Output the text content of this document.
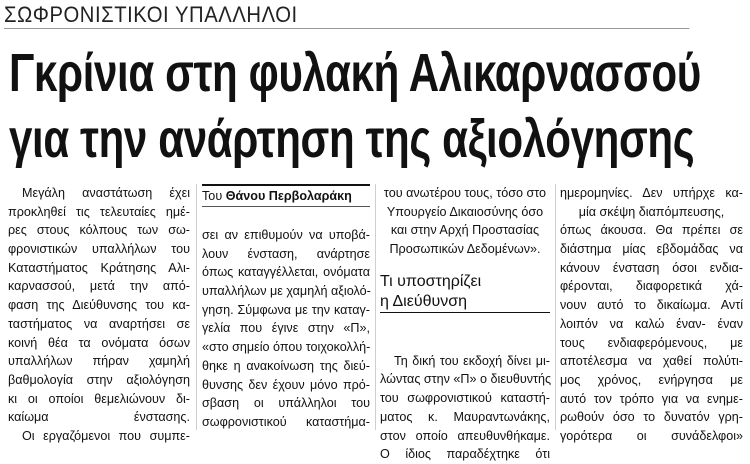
ΣΩΦΡΟΝΙΣΤΙΚΟΙ ΥΠΑΛΛΗΛΟΙ
Γκρίνια στη φυλακή Αλικαρνασσού
για την ανάρτηση της αξιολόγησης
Μεγάλη αναστάτωση έχει
προκληθεί τις τελευταίες ημέ-
ρες στους κόλπους των σω-
φρονιστικών υπαλλήλων του
Καταστήματος Κράτησης Αλι-
καρνασσού, μετά την από-
φαση της Διεύθυνσης του κα-
ταστήματος να αναρτήσει σε
κοινή θέα τα ονόματα όσων
υπαλλήλων πήραν χαμηλή
βαθμολογία στην αξιολόγηση
κι οι οποίοι θεμελιώνουν δι-
καίωμα ένστασης.
Οι εργαζόμενοι που συμπε-
Του Θάνου Περβολαράκη
σει αν επιθυμούν να υποβά-
λουν ένσταση, ανάρτησε
όπως καταγγέλλεται, ονόματα
υπαλλήλων με χαμηλή αξιολό-
γηση. Σύμφωνα με την καταγ-
γελία που έγινε στην «Π»,
«στο σημείο όπου τοιχοκολλή-
θηκε η ανακοίνωση της διεύ-
θυνσης δεν έχουν μόνο πρό-
σβαση οι υπάλληλοι του
σωφρονιστικού καταστήμα-
του ανωτέρου τους, τόσο στο
Υπουργείο Δικαιοσύνης όσο
και στην Αρχή Προστασίας
Προσωπικών Δεδομένων».
Τη δική του εκδοχή δίνει μι-
λώντας στην «Π» ο διευθυντής
του σωφρονιστικού καταστή-
ματος κ. Μαυραντωνάκης,
στον οποίο απευθυνθήκαμε.
Ο ίδιος παραδέχτηκε ότι
Τι υποστηρίζει
η Διεύθυνση
ημερομηνίες. Δεν υπήρχε κα-
μία σκέψη διαπόμπευσης,
όπως άκουσα. Θα πρέπει σε
διάστημα μίας εβδομάδας να
κάνουν ένσταση όσοι ενδια-
φέρονται, διαφορετικά χά-
νουν αυτό το δικαίωμα. Αντί
λοιπόν να καλώ έναν- έναν
τους ενδιαφερόμενους, με
αποτέλεσμα να χαθεί πολύτι-
μος χρόνος, ενήργησα με
αυτό τον τρόπο για να ενημε-
ρωθούν όσο το δυνατόν γρη-
γορότερα οι συνάδελφοι»
